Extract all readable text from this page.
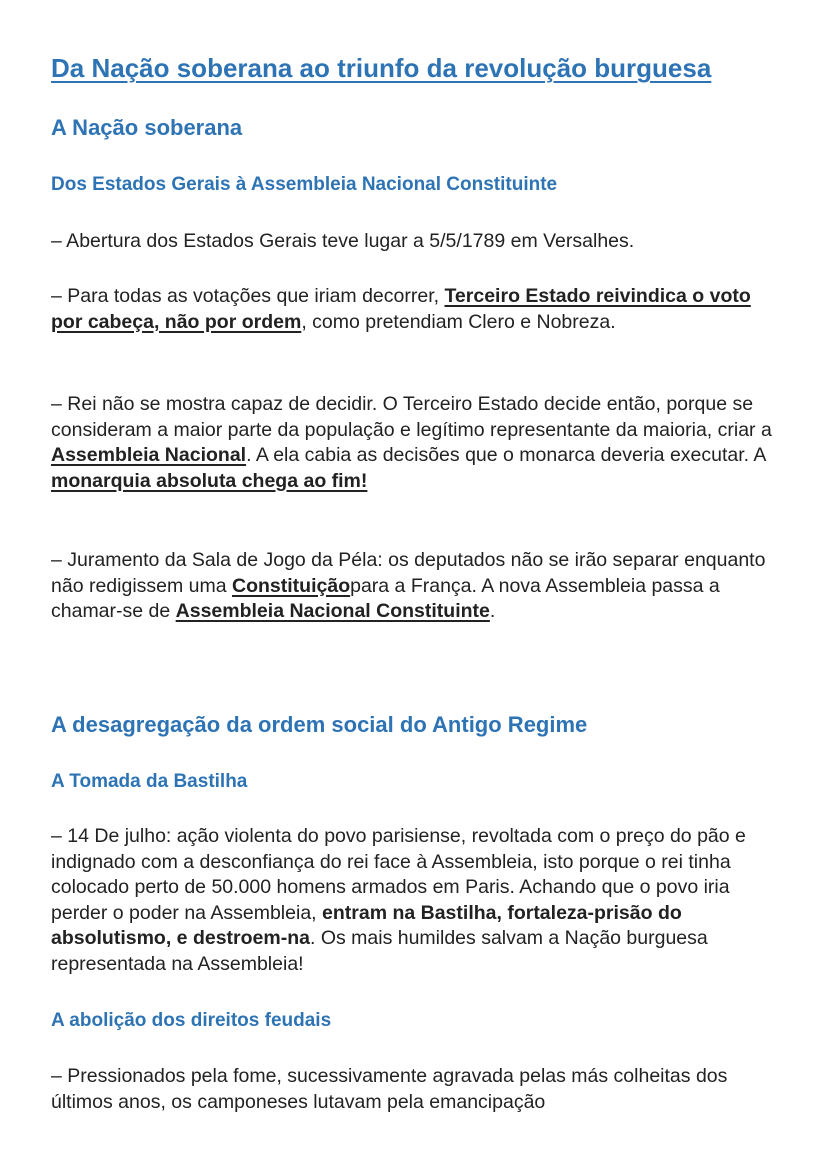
Da Nação soberana ao triunfo da revolução burguesa
A Nação soberana
Dos Estados Gerais à Assembleia Nacional Constituinte

– Abertura dos Estados Gerais teve lugar a 5/5/1789 em Versalhes.

– Para todas as votações que iriam decorrer, Terceiro Estado reivindica o voto por cabeça, não por ordem, como pretendiam Clero e Nobreza.

– Rei não se mostra capaz de decidir. O Terceiro Estado decide então, porque se consideram a maior parte da população e legítimo representante da maioria, criar a Assembleia Nacional. A ela cabia as decisões que o monarca deveria executar. A monarquia absoluta chega ao fim!

– Juramento da Sala de Jogo da Péla: os deputados não se irão separar enquanto não redigissem uma Constituiçãopara a França. A nova Assembleia passa a chamar-se de Assembleia Nacional Constituinte.

A desagregação da ordem social do Antigo Regime
A Tomada da Bastilha

– 14 De julho: ação violenta do povo parisiense, revoltada com o preço do pão e indignado com a desconfiança do rei face à Assembleia, isto porque o rei tinha colocado perto de 50.000 homens armados em Paris. Achando que o povo iria perder o poder na Assembleia, entram na Bastilha, fortaleza-prisão do absolutismo, e destroem-na. Os mais humildes salvam a Nação burguesa representada na Assembleia!

A abolição dos direitos feudais

– Pressionados pela fome, sucessivamente agravada pelas más colheitas dos últimos anos, os camponeses lutavam pela emancipação
